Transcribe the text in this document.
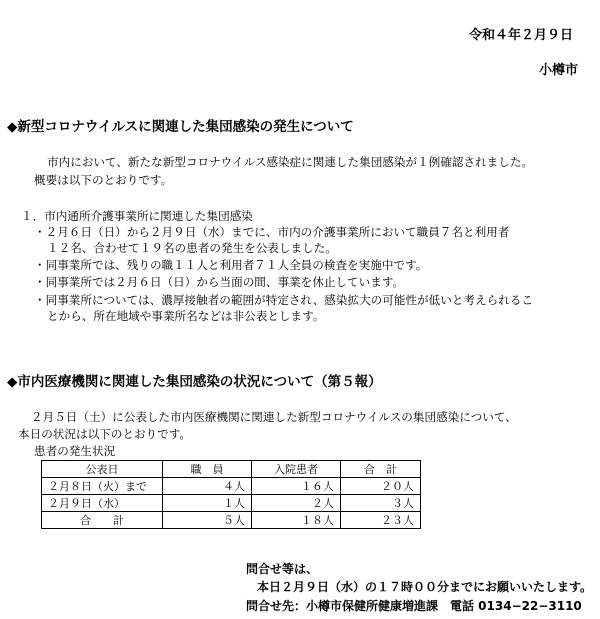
令和４年２月９日
小樽市
◆新型コロナウイルスに関連した集団感染の発生について
市内において、新たな新型コロナウイルス感染症に関連した集団感染が１例確認されました。
概要は以下のとおりです。
１．市内通所介護事業所に関連した集団感染
・２月６日（日）から２月９日（水）までに、市内の介護事業所において職員７名と利用者
１２名、合わせて１９名の患者の発生を公表しました。
・同事業所では、残りの職１１人と利用者７１人全員の検査を実施中です。
・同事業所では２月６日（日）から当面の間、事業を休止しています。
・同事業所については、濃厚接触者の範囲が特定され、感染拡大の可能性が低いと考えられるこ
とから、所在地域や事業所名などは非公表とします。
◆市内医療機関に関連した集団感染の状況について（第５報）
２月５日（土）に公表した市内医療機関に関連した新型コロナウイルスの集団感染について、
本日の状況は以下のとおりです。
患者の発生状況
公表日	職　員	入院患者	合　計
２月８日（火）まで	４人	１６人	２０人
２月９日（水）	１人	２人	３人
合　　計	５人	１８人	２３人
問合せ等は、
本日２月９日（水）の１７時００分までにお願いいたします。
問合せ先：小樽市保健所健康増進課　電話 0134−22−3110
